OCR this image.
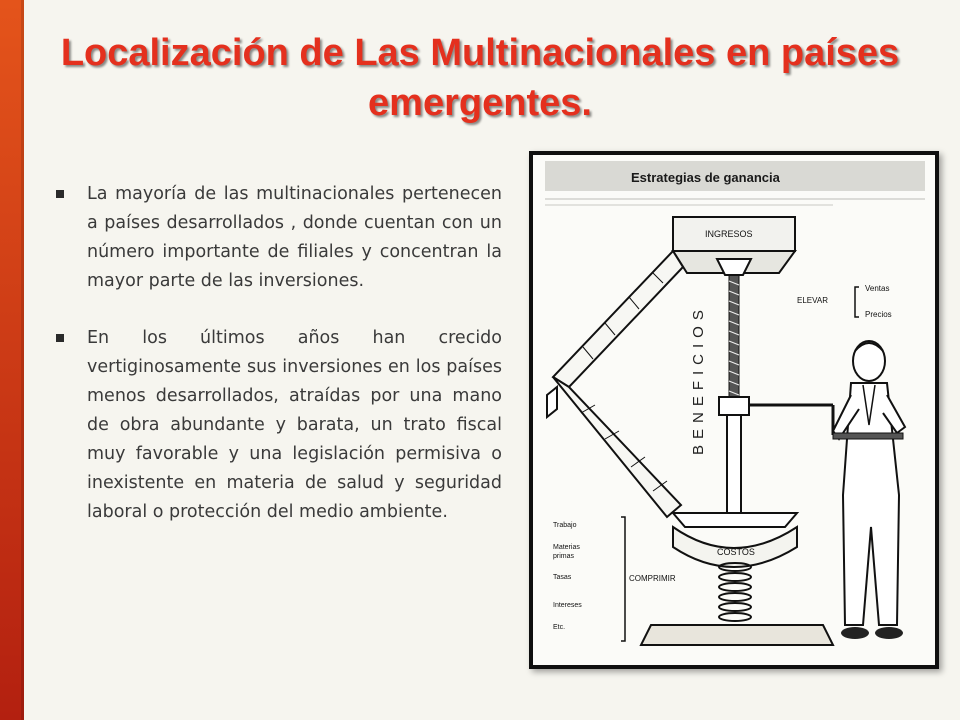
Localización de Las Multinacionales en países emergentes.
La mayoría de las multinacionales pertenecen a países desarrollados , donde cuentan con un número importante de filiales y concentran la mayor parte de las inversiones.
En los últimos años han crecido vertiginosamente sus inversiones en los países menos desarrollados, atraídas por una mano de obra abundante y barata, un trato fiscal muy favorable y una legislación permisiva o inexistente en materia de salud y seguridad laboral o protección del medio ambiente.
Estrategias de ganancia
INGRESOS
BENEFICIOS
COSTOS
ELEVAR
Ventas
Precios
Trabajo
Materias
primas
Tasas
Intereses
Etc.
COMPRIMIR
